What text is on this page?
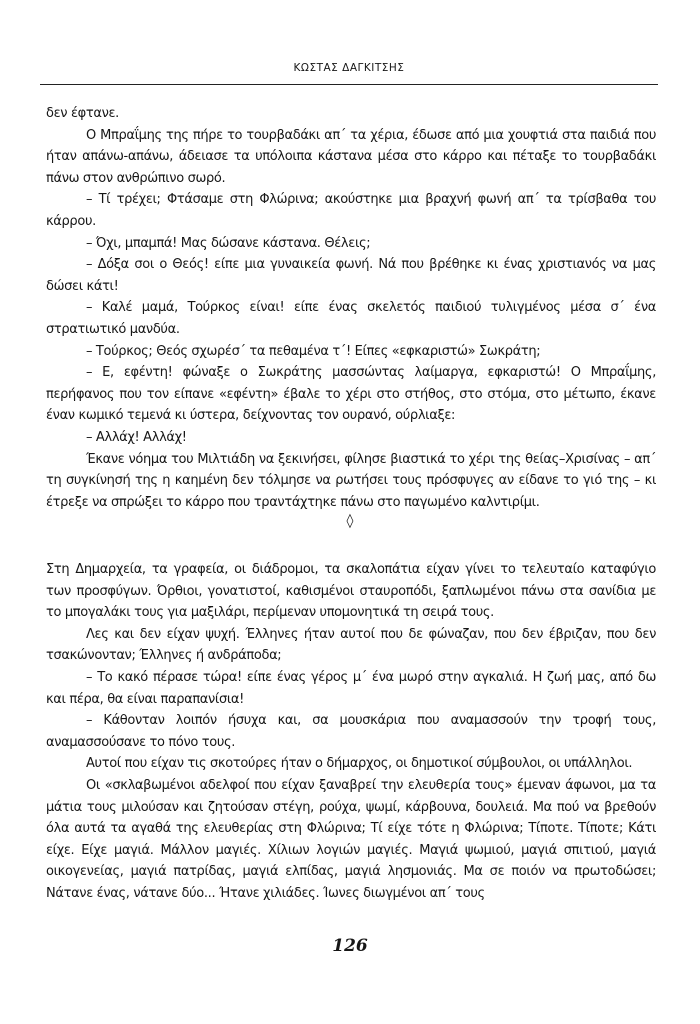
ΚΩΣΤΑΣ ΔΑΓΚΙΤΣΗΣ

δεν έφτανε.

Ο Μπραΐμης της πήρε το τουρβαδάκι απ΄ τα χέρια, έδωσε από μια χουφτιά στα παιδιά που ήταν απάνω-απάνω, άδειασε τα υπόλοιπα κάστανα μέσα στο κάρρο και πέταξε το τουρβαδάκι πάνω στον ανθρώπινο σωρό.

– Τί τρέχει; Φτάσαμε στη Φλώρινα; ακούστηκε μια βραχνή φωνή απ΄ τα τρίσβαθα του κάρρου.

– Όχι, μπαμπά! Μας δώσανε κάστανα. Θέλεις;

– Δόξα σοι ο Θεός! είπε μια γυναικεία φωνή. Νά που βρέθηκε κι ένας χριστιανός να μας δώσει κάτι!

– Καλέ μαμά, Τούρκος είναι! είπε ένας σκελετός παιδιού τυλιγμένος μέσα σ΄ ένα στρατιωτικό μανδύα.

– Τούρκος; Θεός σχωρέσ΄ τα πεθαμένα τ΄! Είπες «εφκαριστώ» Σωκράτη;

– Ε, εφέντη! φώναξε ο Σωκράτης μασσώντας λαίμαργα, εφκαριστώ! Ο Μπραΐμης, περήφανος που τον είπανε «εφέντη» έβαλε το χέρι στο στήθος, στο στόμα, στο μέτωπο, έκανε έναν κωμικό τεμενά κι ύστερα, δείχνοντας τον ουρανό, ούρλιαξε:

– Αλλάχ! Αλλάχ!

Έκανε νόημα του Μιλτιάδη να ξεκινήσει, φίλησε βιαστικά το χέρι της θείας–Χρισίνας – απ΄ τη συγκίνησή της η καημένη δεν τόλμησε να ρωτήσει τους πρόσφυγες αν είδανε το γιό της – κι έτρεξε να σπρώξει το κάρρο που τραντάχτηκε πάνω στο παγωμένο καλντιρίμι.

◊

Στη Δημαρχεία, τα γραφεία, οι διάδρομοι, τα σκαλοπάτια είχαν γίνει το τελευταίο καταφύγιο των προσφύγων. Όρθιοι, γονατιστοί, καθισμένοι σταυροπόδι, ξαπλωμένοι πάνω στα σανίδια με το μπογαλάκι τους για μαξιλάρι, περίμεναν υπομονητικά τη σειρά τους.

Λες και δεν είχαν ψυχή. Έλληνες ήταν αυτοί που δε φώναζαν, που δεν έβριζαν, που δεν τσακώνονταν; Έλληνες ή ανδράποδα;

– Το κακό πέρασε τώρα! είπε ένας γέρος μ΄ ένα μωρό στην αγκαλιά. Η ζωή μας, από δω και πέρα, θα είναι παραπανίσια!

– Κάθονταν λοιπόν ήσυχα και, σα μουσκάρια που αναμασσούν την τροφή τους, αναμασσούσανε το πόνο τους.

Αυτοί που είχαν τις σκοτούρες ήταν ο δήμαρχος, οι δημοτικοί σύμβουλοι, οι υπάλληλοι.

Οι «σκλαβωμένοι αδελφοί που είχαν ξαναβρεί την ελευθερία τους» έμεναν άφωνοι, μα τα μάτια τους μιλούσαν και ζητούσαν στέγη, ρούχα, ψωμί, κάρβουνα, δουλειά. Μα πού να βρεθούν όλα αυτά τα αγαθά της ελευθερίας στη Φλώρινα; Τί είχε τότε η Φλώρινα; Τίποτε. Τίποτε; Κάτι είχε. Είχε μαγιά. Μάλλον μαγιές. Χίλιων λογιών μαγιές. Μαγιά ψωμιού, μαγιά σπιτιού, μαγιά οικογενείας, μαγιά πατρίδας, μαγιά ελπίδας, μαγιά λησμονιάς. Μα σε ποιόν να πρωτοδώσει; Νάτανε ένας, νάτανε δύο... Ήτανε χιλιάδες. Ίωνες διωγμένοι απ΄ τους

126
